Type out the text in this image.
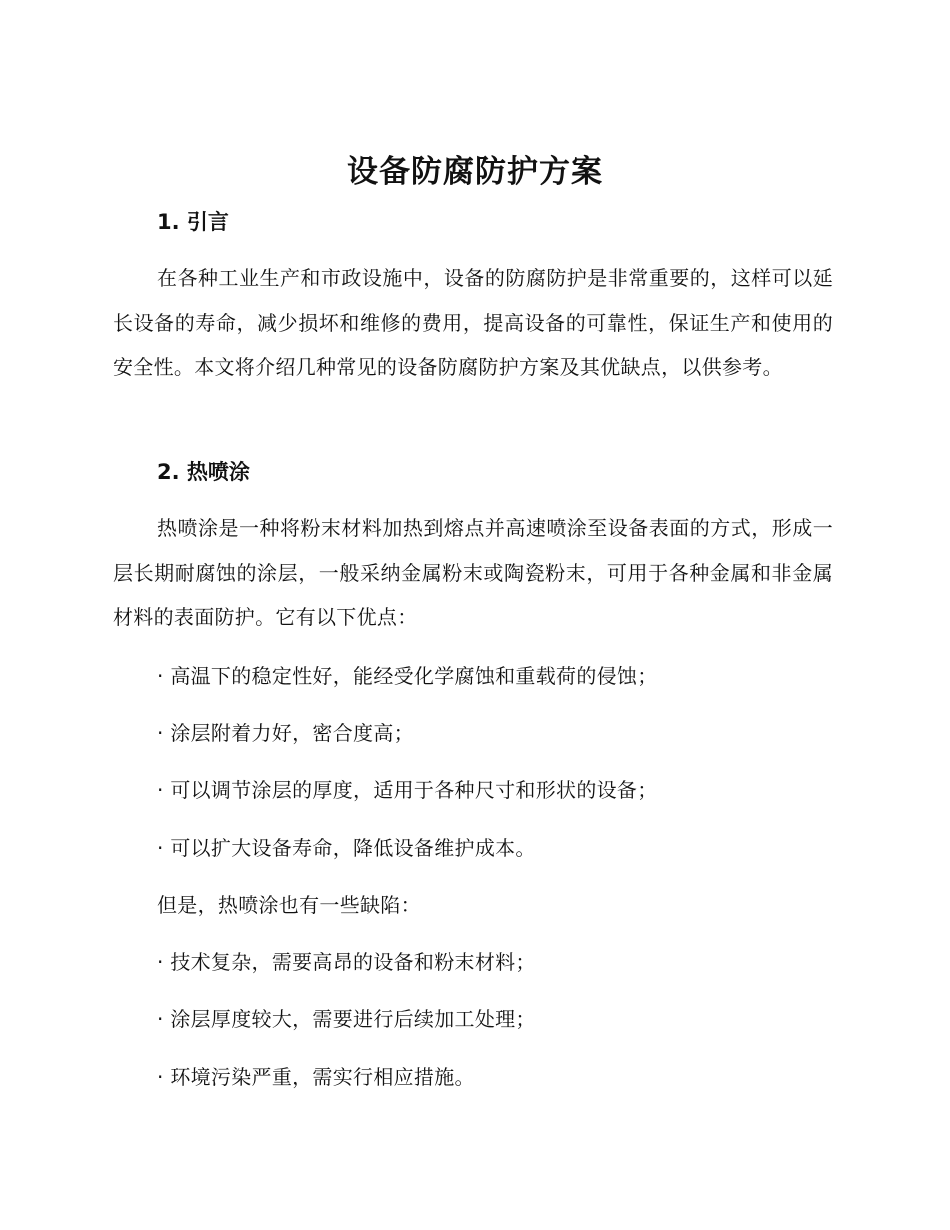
设备防腐防护方案
1. 引言

在各种工业生产和市政设施中，设备的防腐防护是非常重要的，这样可以延长设备的寿命，减少损坏和维修的费用，提高设备的可靠性，保证生产和使用的安全性。本文将介绍几种常见的设备防腐防护方案及其优缺点，以供参考。

2. 热喷涂

热喷涂是一种将粉末材料加热到熔点并高速喷涂至设备表面的方式，形成一层长期耐腐蚀的涂层，一般采纳金属粉末或陶瓷粉末，可用于各种金属和非金属材料的表面防护。它有以下优点：

· 高温下的稳定性好，能经受化学腐蚀和重载荷的侵蚀；

· 涂层附着力好，密合度高；

· 可以调节涂层的厚度，适用于各种尺寸和形状的设备；

· 可以扩大设备寿命，降低设备维护成本。

但是，热喷涂也有一些缺陷：

· 技术复杂，需要高昂的设备和粉末材料；

· 涂层厚度较大，需要进行后续加工处理；

· 环境污染严重，需实行相应措施。
